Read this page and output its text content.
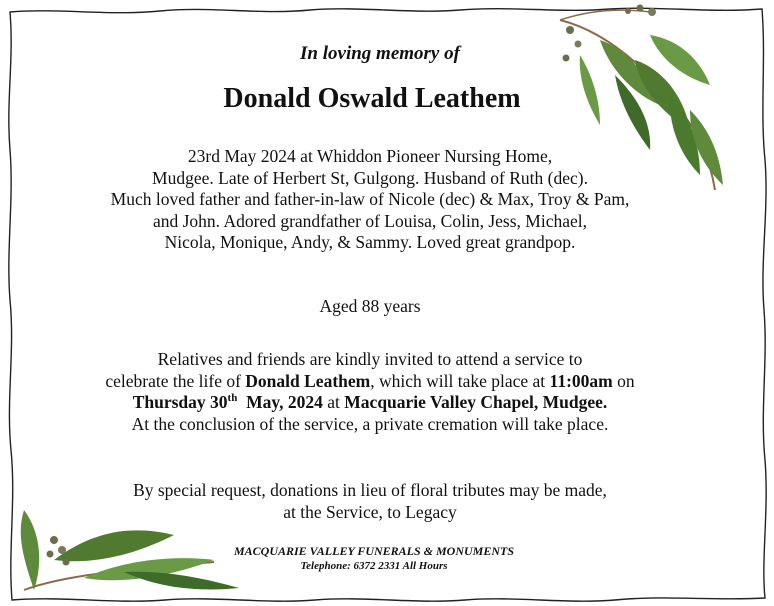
In loving memory of
Donald Oswald Leathem
23rd May 2024 at Whiddon Pioneer Nursing Home,
Mudgee. Late of Herbert St, Gulgong. Husband of Ruth (dec).
Much loved father and father-in-law of Nicole (dec) & Max, Troy & Pam,
and John. Adored grandfather of Louisa, Colin, Jess, Michael,
Nicola, Monique, Andy, & Sammy. Loved great grandpop.
Aged 88 years
Relatives and friends are kindly invited to attend a service to
celebrate the life of Donald Leathem, which will take place at 11:00am on
Thursday 30th  May, 2024 at Macquarie Valley Chapel, Mudgee.
At the conclusion of the service, a private cremation will take place.
By special request, donations in lieu of floral tributes may be made,
at the Service, to Legacy
MACQUARIE VALLEY FUNERALS & MONUMENTS
Telephone: 6372 2331 All Hours
